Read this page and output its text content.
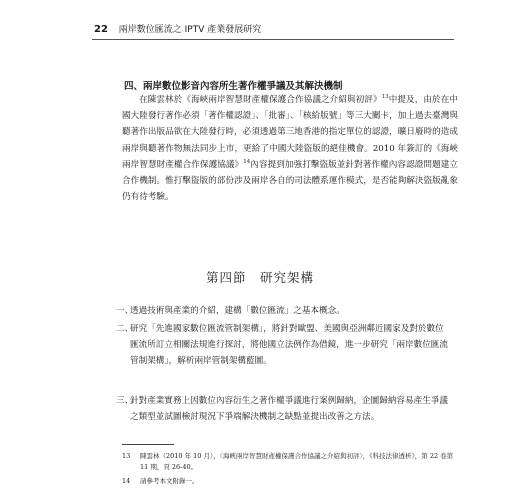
22 兩岸數位匯流之 IPTV 產業發展研究
四、兩岸數位影音內容所生著作權爭議及其解決機制

在陳雲林於《海峽兩岸智慧財產權保護合作協議之介紹與初評》$^{13}$中提及，由於在中國大陸發行著作必須「著作權認證」、「批審」、「核給版號」等三大關卡，加上過去臺灣與聽著作出版品欲在大陸發行時，必須透過第三地香港的指定單位的認證，曠日廢時的造成兩岸與聽著作物無法同步上市，更給了中國大陸盜版的絕佳機會。2010 年簽訂的《海峽兩岸智慧財產權合作保護協議》$^{14}$內容提到加強打擊盜版並針對著作權內容認證問題建立合作機制。惟打擊盜版的部份涉及兩岸各自的司法體系運作模式，是否能夠解決盜版亂象仍有待考驗。

第四節　研究架構

一、
透過技術與產業的介紹，建構「數位匯流」之基本概念。

二、
研究「先進國家數位匯流管制架構」，將針對歐盟、美國與亞洲鄰近國家及對於數位匯流所訂立相關法規進行探討，將他國立法例作為借鏡，進一步研究「兩岸數位匯流管制架構」，解析兩岸管制架構藍圖。

三、
針對產業實務上因數位內容衍生之著作權爭議進行案例歸納，企圖歸納容易產生爭議之類型並試圖檢討現況下爭端解決機制之缺點並提出改善之方法。

13 陳雲林（2010 年 10 月），〈海峽兩岸智慧財產權保護合作協議之介紹與初評〉，《科技法律透析》，第 22 卷第 11 期，頁 26-40。

14 請參考本文附錄一。
